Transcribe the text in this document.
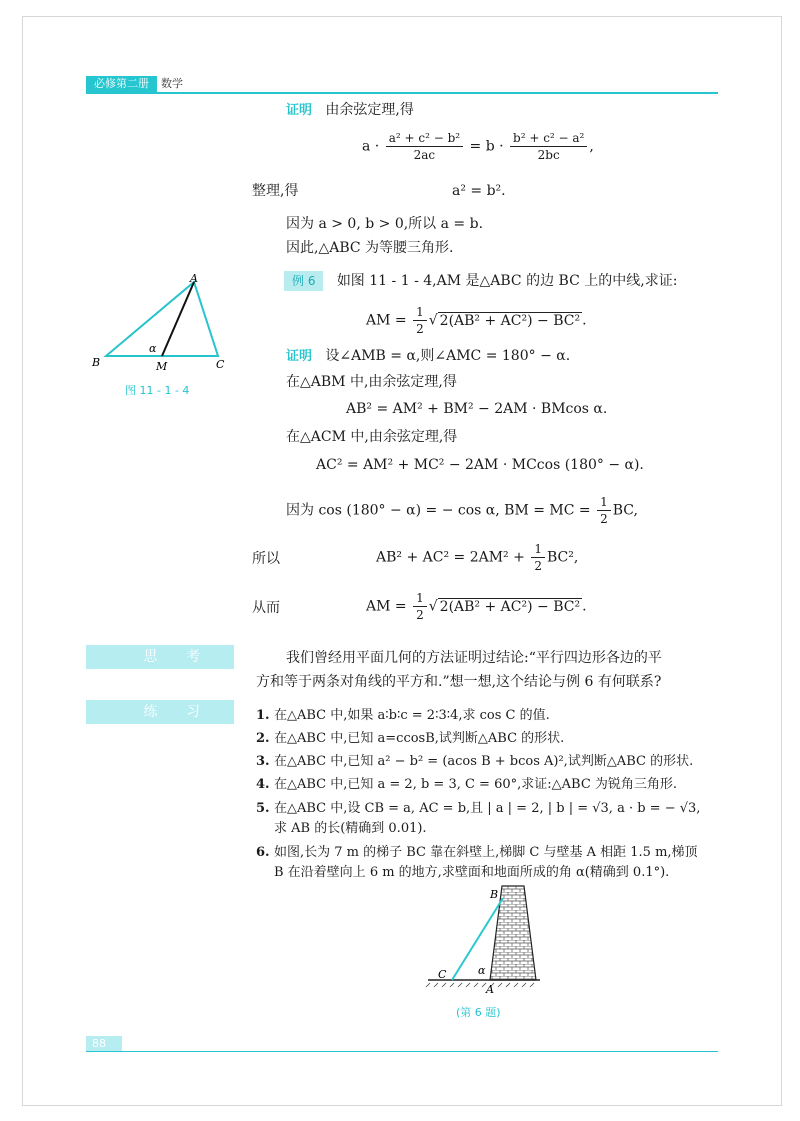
必修第二册 数学
证明 由余弦定理,得
$a \cdot \frac{\text{a² + c² − b²}}{2ac} = b \cdot \frac{\text{b² + c² − a²}}{2bc}$ ,
整理,得	a² = b².
因为 a > 0, b > 0,所以 a = b.
因此,△ABC 为等腰三角形.
例 6 如图 11 - 1 - 4,AM 是△ABC 的边 BC 上的中线,求证:
AM = $\frac{1}{2}$ √ 2(AB² + AC²) − BC² .
证明 设∠AMB = α,则∠AMC = 180° − α.
在△ABM 中,由余弦定理,得
AB² = AM² + BM² − 2AM · BMcos α.
在△ACM 中,由余弦定理,得
AC² = AM² + MC² − 2AM · MCcos (180° − α).
因为 cos (180° − α) = − cos α, BM = MC = $\frac{1}{2}$ BC,
所以	$AB^2 + AC^2 = 2AM^2 + \frac{1}{2} BC^2$,
从而	AM = $\frac{1}{2}$ √ 2(AB² + AC²) − BC² .
A
B	C
M
α
图 11 - 1 - 4
思 考	我们曾经用平面几何的方法证明过结论:“平行四边形各边的平
方和等于两条对角线的平方和.”想一想,这个结论与例 6 有何联系?
练 习	1. 在△ABC 中,如果 a∶b∶c = 2∶3∶4,求 cos C 的值.
2. 在△ABC 中,已知 a=ccosB,试判断△ABC 的形状.
3. 在△ABC 中,已知 a² − b² = (acos B + bcos A)²,试判断△ABC 的形状.
4. 在△ABC 中,已知 a = 2, b = 3, C = 60°,求证:△ABC 为锐角三角形.
5. 在△ABC 中,设 CB = a, AC = b,且 | a | = 2, | b | = √3, a · b = − √3,
求 AB 的长(精确到 0.01).
6. 如图,长为 7 m 的梯子 BC 靠在斜壁上,梯脚 C 与壁基 A 相距 1.5 m,梯顶
B 在沿着壁向上 6 m 的地方,求壁面和地面所成的角 α(精确到 0.1°).
B
C
A
α
(第 6 题)
88
